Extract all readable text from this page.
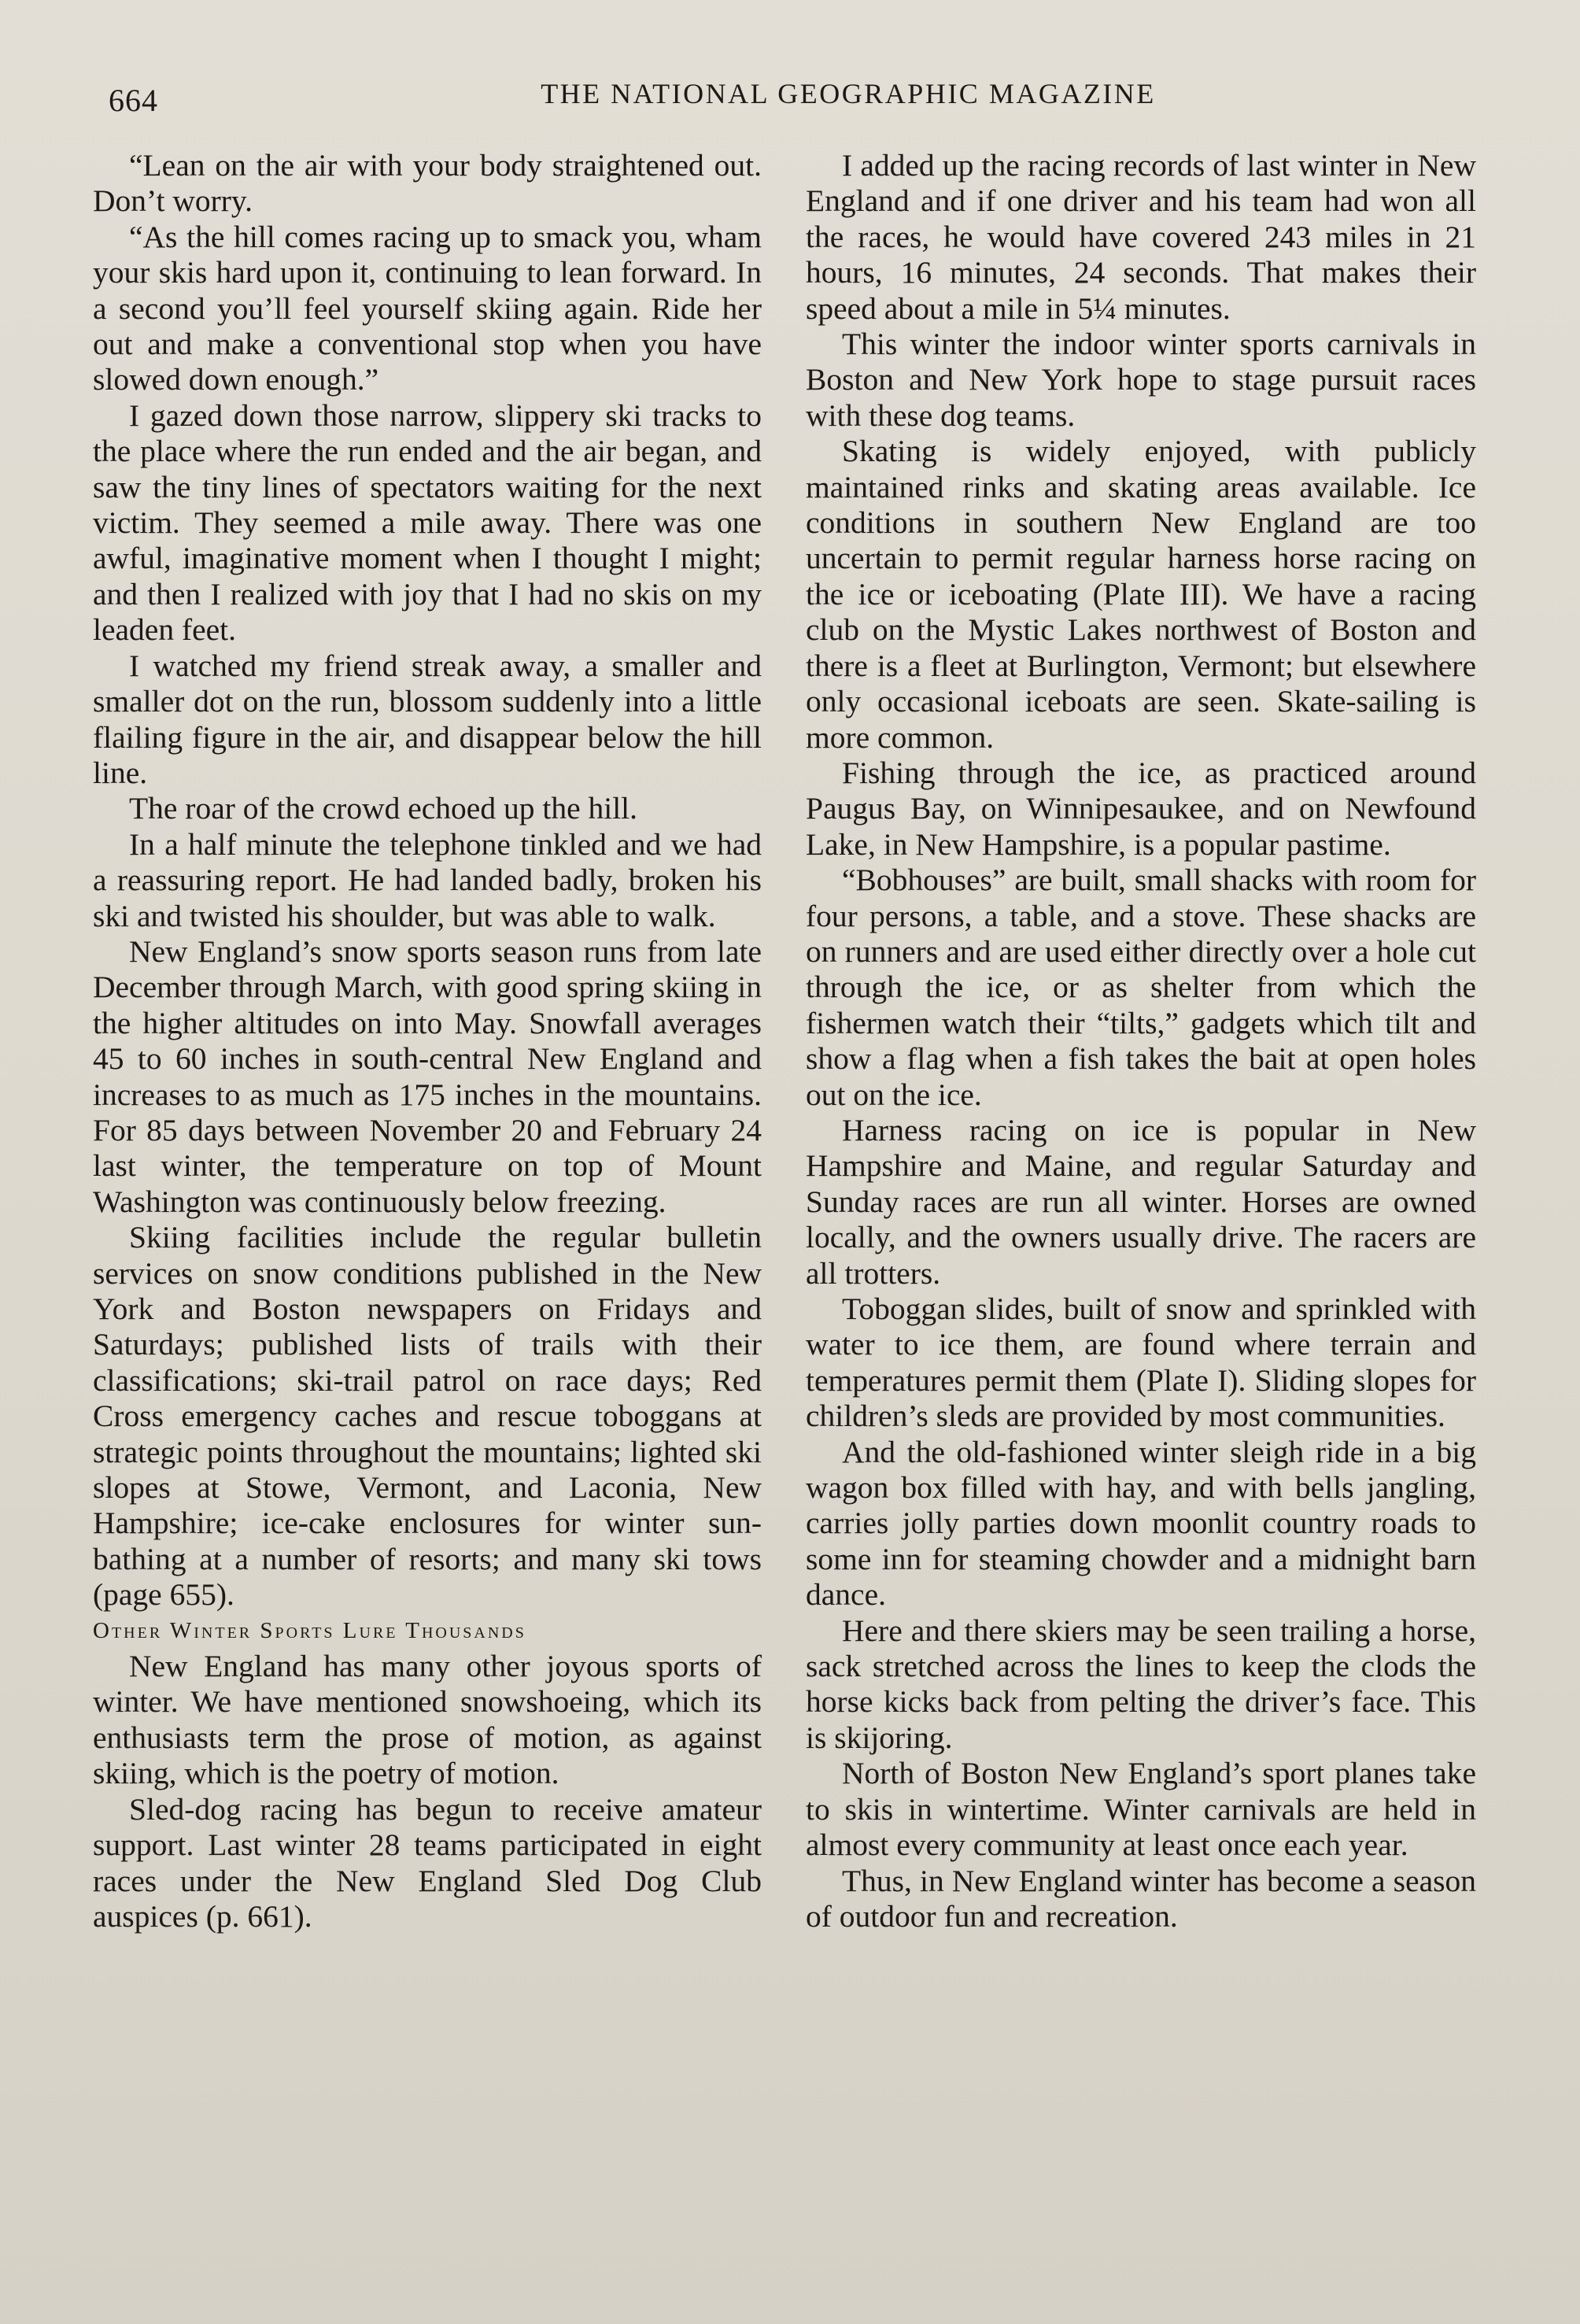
664	THE NATIONAL GEOGRAPHIC MAGAZINE

“Lean on the air with your body straightened out. Don’t worry.

“As the hill comes racing up to smack you, wham your skis hard upon it, continuing to lean forward. In a second you’ll feel yourself skiing again. Ride her out and make a conventional stop when you have slowed down enough.”

I gazed down those narrow, slippery ski tracks to the place where the run ended and the air began, and saw the tiny lines of spectators waiting for the next victim. They seemed a mile away. There was one awful, imaginative moment when I thought I might; and then I realized with joy that I had no skis on my leaden feet.

I watched my friend streak away, a smaller and smaller dot on the run, blossom suddenly into a little flailing figure in the air, and disappear below the hill line.

The roar of the crowd echoed up the hill.

In a half minute the telephone tinkled and we had a reassuring report. He had landed badly, broken his ski and twisted his shoulder, but was able to walk.

New England’s snow sports season runs from late December through March, with good spring skiing in the higher altitudes on into May. Snowfall averages 45 to 60 inches in south-central New England and increases to as much as 175 inches in the mountains. For 85 days between November 20 and February 24 last winter, the temperature on top of Mount Washington was continuously below freezing.

Skiing facilities include the regular bulletin services on snow conditions published in the New York and Boston newspapers on Fridays and Saturdays; published lists of trails with their classifications; ski-trail patrol on race days; Red Cross emergency caches and rescue toboggans at strategic points throughout the mountains; lighted ski slopes at Stowe, Vermont, and Laconia, New Hampshire; ice-cake enclosures for winter sun-bathing at a number of resorts; and many ski tows (page 655).

Other Winter Sports Lure Thousands

New England has many other joyous sports of winter. We have mentioned snowshoeing, which its enthusiasts term the prose of motion, as against skiing, which is the poetry of motion.

Sled-dog racing has begun to receive amateur support. Last winter 28 teams participated in eight races under the New England Sled Dog Club auspices (p. 661).

I added up the racing records of last winter in New England and if one driver and his team had won all the races, he would have covered 243 miles in 21 hours, 16 minutes, 24 seconds. That makes their speed about a mile in 5¼ minutes.

This winter the indoor winter sports carnivals in Boston and New York hope to stage pursuit races with these dog teams.

Skating is widely enjoyed, with publicly maintained rinks and skating areas available. Ice conditions in southern New England are too uncertain to permit regular harness horse racing on the ice or iceboating (Plate III). We have a racing club on the Mystic Lakes northwest of Boston and there is a fleet at Burlington, Vermont; but elsewhere only occasional iceboats are seen. Skate-sailing is more common.

Fishing through the ice, as practiced around Paugus Bay, on Winnipesaukee, and on Newfound Lake, in New Hampshire, is a popular pastime.

“Bobhouses” are built, small shacks with room for four persons, a table, and a stove. These shacks are on runners and are used either directly over a hole cut through the ice, or as shelter from which the fishermen watch their “tilts,” gadgets which tilt and show a flag when a fish takes the bait at open holes out on the ice.

Harness racing on ice is popular in New Hampshire and Maine, and regular Saturday and Sunday races are run all winter. Horses are owned locally, and the owners usually drive. The racers are all trotters.

Toboggan slides, built of snow and sprinkled with water to ice them, are found where terrain and temperatures permit them (Plate I). Sliding slopes for children’s sleds are provided by most communities.

And the old-fashioned winter sleigh ride in a big wagon box filled with hay, and with bells jangling, carries jolly parties down moonlit country roads to some inn for steaming chowder and a midnight barn dance.

Here and there skiers may be seen trailing a horse, sack stretched across the lines to keep the clods the horse kicks back from pelting the driver’s face. This is skijoring.

North of Boston New England’s sport planes take to skis in wintertime. Winter carnivals are held in almost every community at least once each year.

Thus, in New England winter has become a season of outdoor fun and recreation.
